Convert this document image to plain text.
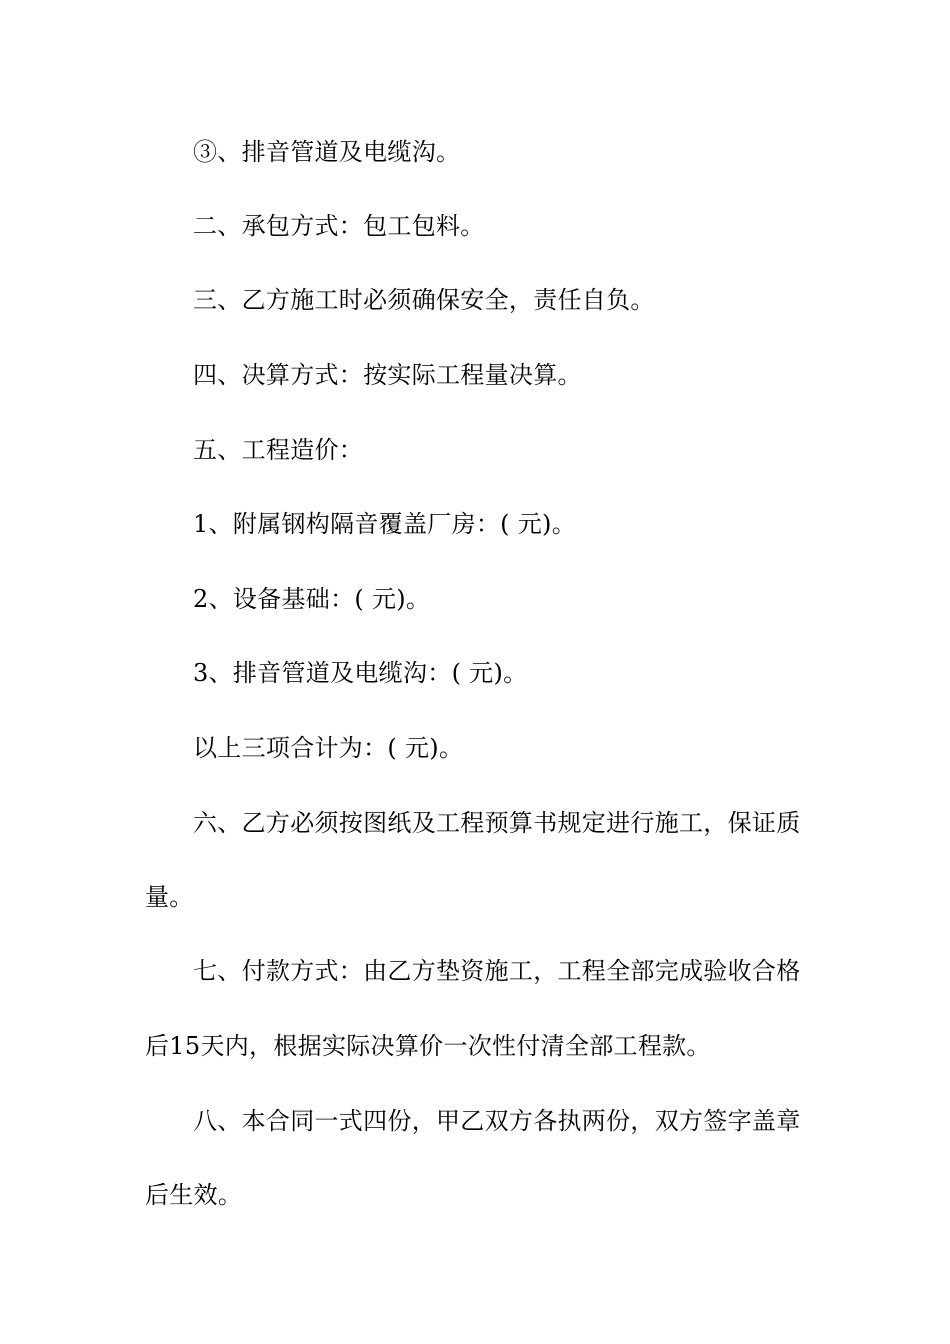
③、排音管道及电缆沟。
二、承包方式：包工包料。
三、乙方施工时必须确保安全，责任自负。
四、决算方式：按实际工程量决算。
五、工程造价：
1、附属钢构隔音覆盖厂房：( 元)。
2、设备基础：( 元)。
3、排音管道及电缆沟：( 元)。
以上三项合计为：( 元)。
六、乙方必须按图纸及工程预算书规定进行施工，保证质
量。
七、付款方式：由乙方垫资施工，工程全部完成验收合格
后15天内，根据实际决算价一次性付清全部工程款。
八、本合同一式四份，甲乙双方各执两份，双方签字盖章
后生效。
